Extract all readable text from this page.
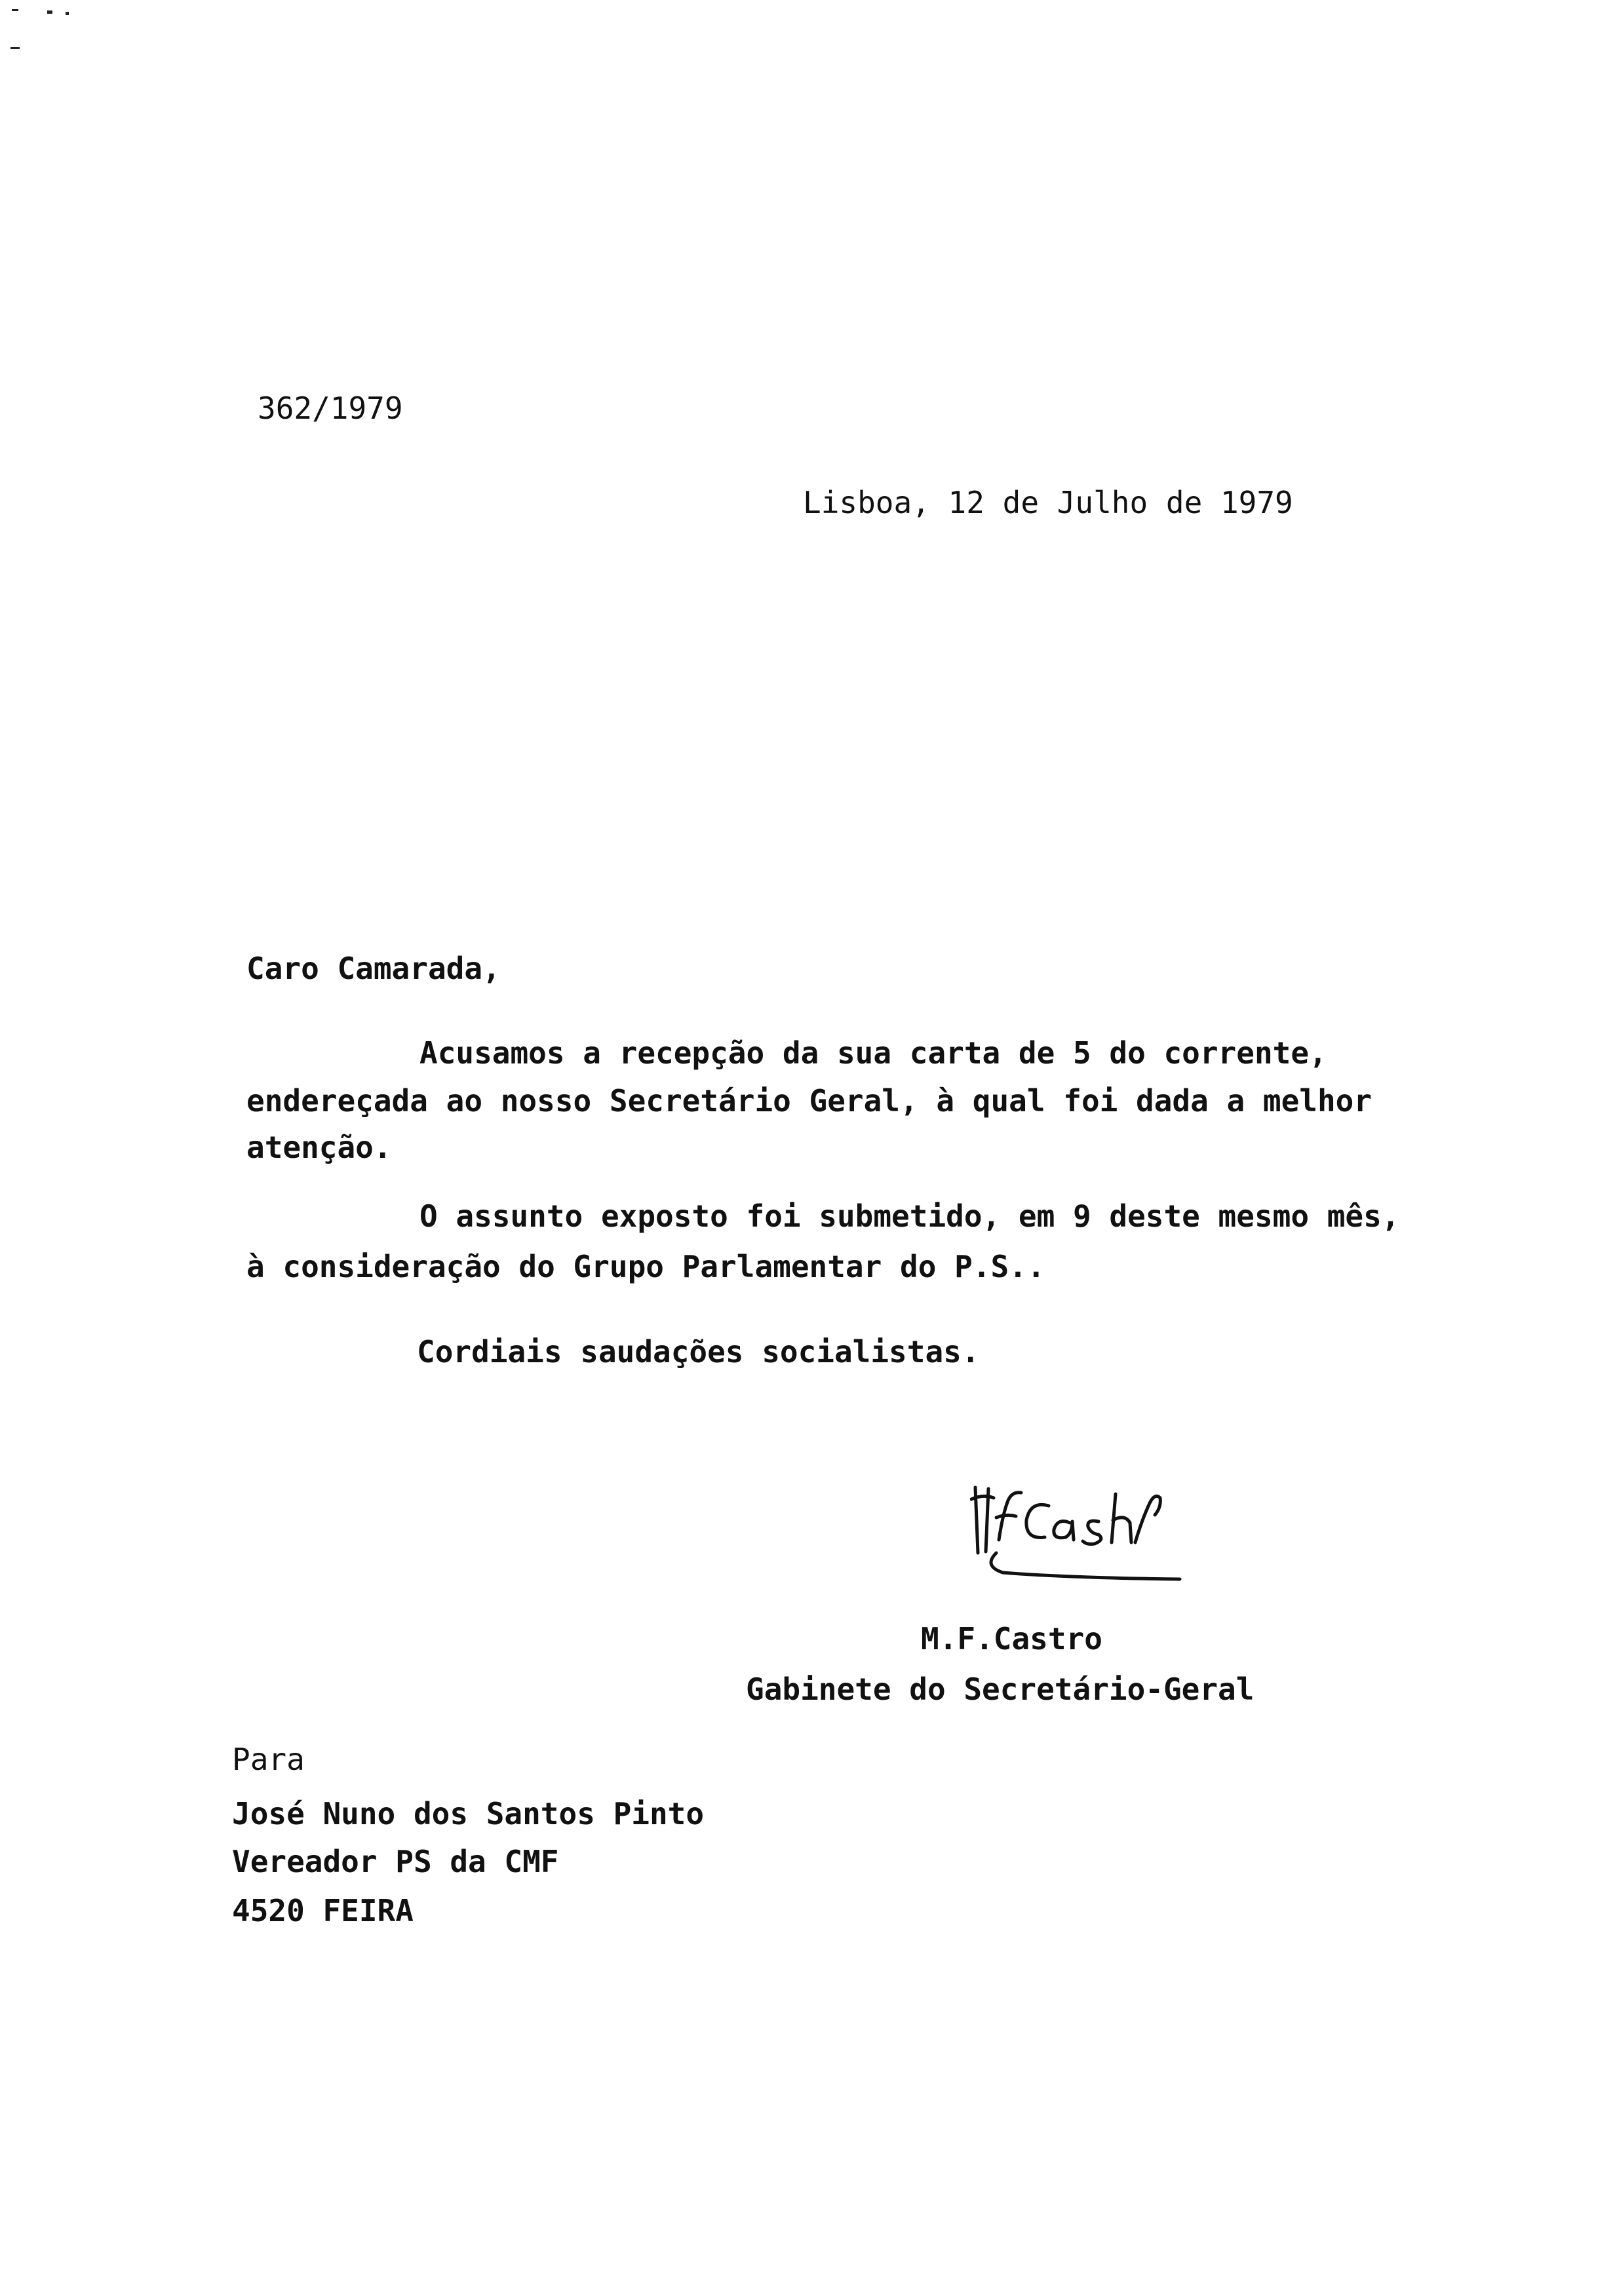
362/1979
Lisboa, 12 de Julho de 1979
Caro Camarada,
Acusamos a recepção da sua carta de 5 do corrente,
endereçada ao nosso Secretário Geral, à qual foi dada a melhor
atenção.
O assunto exposto foi submetido, em 9 deste mesmo mês,
à consideração do Grupo Parlamentar do P.S..
Cordiais saudações socialistas.
M.F.Castro
Gabinete do Secretário-Geral
Para
José Nuno dos Santos Pinto
Vereador PS da CMF
4520 FEIRA
